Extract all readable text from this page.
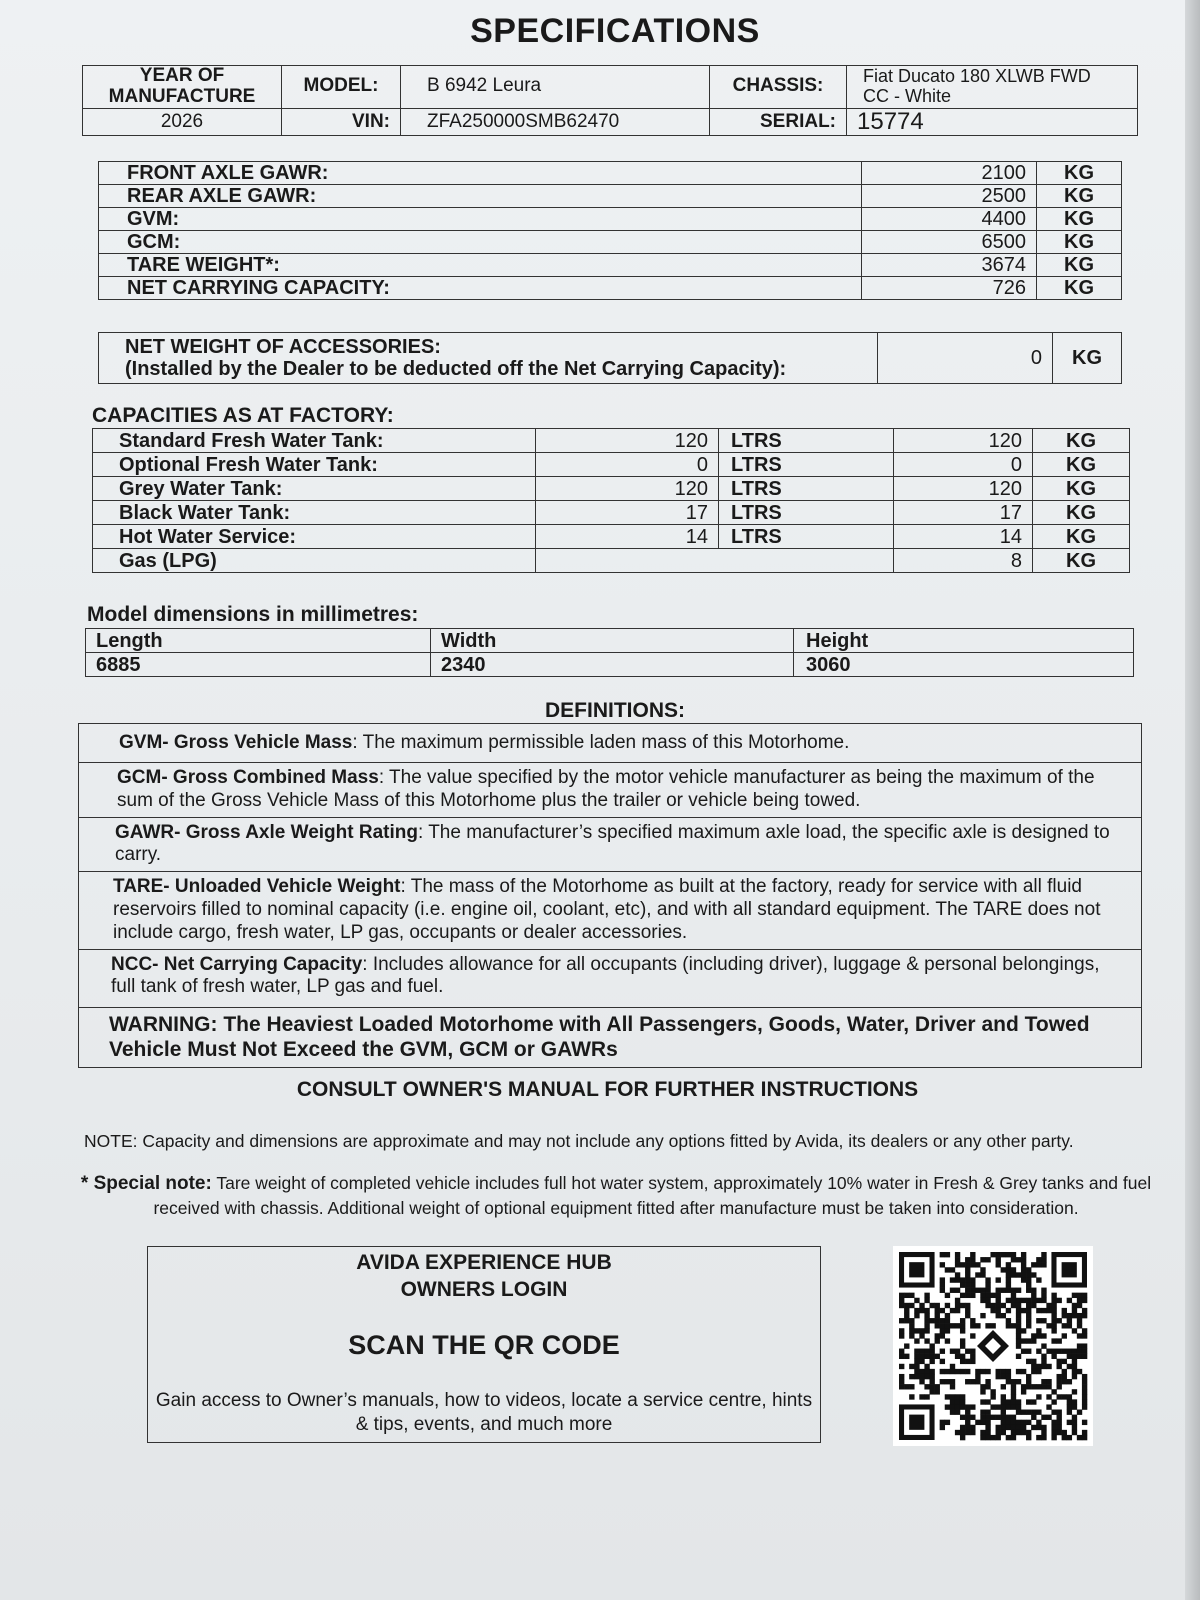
SPECIFICATIONS
YEAR OF MANUFACTURE	MODEL:	B 6942 Leura	CHASSIS:	Fiat Ducato 180 XLWB FWD
CC - White

2026	VIN:	ZFA250000SMB62470	SERIAL:	15774
FRONT AXLE GAWR:	2100	KG
REAR AXLE GAWR:	2500	KG
GVM:	4400	KG
GCM:	6500	KG
TARE WEIGHT*:	3674	KG
NET CARRYING CAPACITY:	726	KG
NET WEIGHT OF ACCESSORIES:
(Installed by the Dealer to be deducted off the Net Carrying Capacity):	0	KG
CAPACITIES AS AT FACTORY:
Standard Fresh Water Tank:	120	LTRS	120	KG
Optional Fresh Water Tank:	0	LTRS	0	KG
Grey Water Tank:	120	LTRS	120	KG
Black Water Tank:	17	LTRS	17	KG
Hot Water Service:	14	LTRS	14	KG
Gas (LPG)			8	KG
Model dimensions in millimetres:
Length	Width	Height
6885	2340	3060
DEFINITIONS:
GVM- Gross Vehicle Mass: The maximum permissible laden mass of this Motorhome.
GCM- Gross Combined Mass: The value specified by the motor vehicle manufacturer as being the maximum of the sum of the Gross Vehicle Mass of this Motorhome plus the trailer or vehicle being towed.
GAWR- Gross Axle Weight Rating: The manufacturer’s specified maximum axle load, the specific axle is designed to carry.
TARE- Unloaded Vehicle Weight: The mass of the Motorhome as built at the factory, ready for service with all fluid reservoirs filled to nominal capacity (i.e. engine oil, coolant, etc), and with all standard equipment. The TARE does not include cargo, fresh water, LP gas, occupants or dealer accessories.
NCC- Net Carrying Capacity: Includes allowance for all occupants (including driver), luggage & personal belongings, full tank of fresh water, LP gas and fuel.
WARNING: The Heaviest Loaded Motorhome with All Passengers, Goods, Water, Driver and Towed Vehicle Must Not Exceed the GVM, GCM or GAWRs
CONSULT OWNER'S MANUAL FOR FURTHER INSTRUCTIONS
NOTE: Capacity and dimensions are approximate and may not include any options fitted by Avida, its dealers or any other party.
* Special note: Tare weight of completed vehicle includes full hot water system, approximately 10% water in Fresh & Grey tanks and fuel received with chassis. Additional weight of optional equipment fitted after manufacture must be taken into consideration.
AVIDA EXPERIENCE HUB
OWNERS LOGIN
SCAN THE QR CODE
Gain access to Owner’s manuals, how to videos, locate a service centre, hints & tips, events, and much more
